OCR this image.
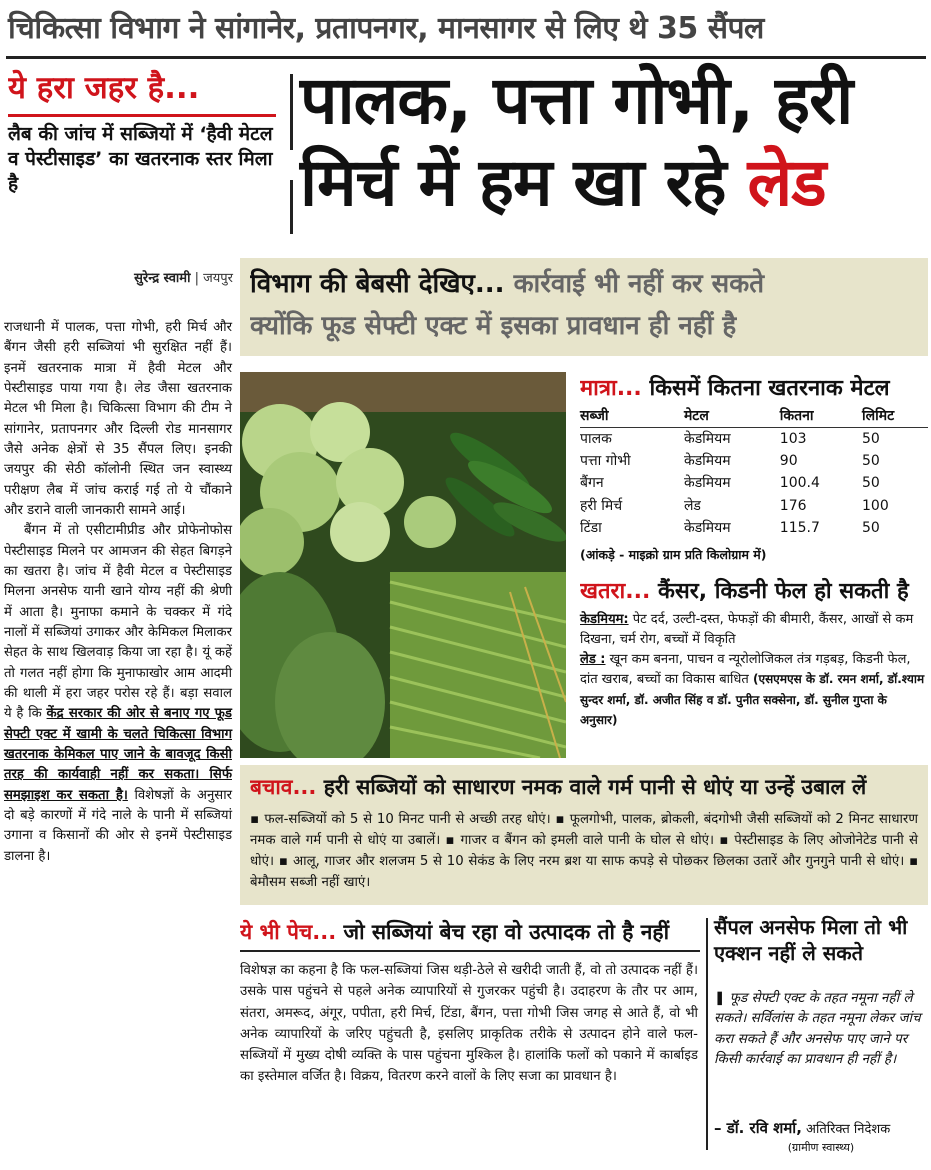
चिकित्सा विभाग ने सांगानेर, प्रतापनगर, मानसागर से लिए थे 35 सैंपल
ये हरा जहर है...
लैब की जांच में सब्जियों में ‘हैवी मेटल व पेस्टीसाइड’ का खतरनाक स्तर मिला है
पालक, पत्ता गोभी, हरी मिर्च में हम खा रहे लेड
सुरेन्द्र स्वामी | जयपुर

राजधानी में पालक, पत्ता गोभी, हरी मिर्च और बैंगन जैसी हरी सब्जियां भी सुरक्षित नहीं हैं। इनमें खतरनाक मात्रा में हैवी मेटल और पेस्टीसाइड पाया गया है। लेड जैसा खतरनाक मेटल भी मिला है। चिकित्सा विभाग की टीम ने सांगानेर, प्रतापनगर और दिल्ली रोड मानसागर जैसे अनेक क्षेत्रों से 35 सैंपल लिए। इनकी जयपुर की सेठी कॉलोनी स्थित जन स्वास्थ्य परीक्षण लैब में जांच कराई गई तो ये चौंकाने और डराने वाली जानकारी सामने आई।

बैंगन में तो एसीटामीप्रीड और प्रोफेनोफोस पेस्टीसाइड मिलने पर आमजन की सेहत बिगड़ने का खतरा है। जांच में हैवी मेटल व पेस्टीसाइड मिलना अनसेफ यानी खाने योग्य नहीं की श्रेणी में आता है। मुनाफा कमाने के चक्कर में गंदे नालों में सब्जियां उगाकर और केमिकल मिलाकर सेहत के साथ खिलवाड़ किया जा रहा है। यूं कहें तो गलत नहीं होगा कि मुनाफाखोर आम आदमी की थाली में हरा जहर परोस रहे हैं। बड़ा सवाल ये है कि केंद्र सरकार की ओर से बनाए गए फूड सेफ्टी एक्ट में खामी के चलते चिकित्सा विभाग खतरनाक केमिकल पाए जाने के बावजूद किसी तरह की कार्यवाही नहीं कर सकता। सिर्फ समझाइश कर सकता है। विशेषज्ञों के अनुसार दो बड़े कारणों में गंदे नाले के पानी में सब्जियां उगाना व किसानों की ओर से इनमें पेस्टीसाइड डालना है।

विभाग की बेबसी देखिए... कार्रवाई भी नहीं कर सकते
क्योंकि फूड सेफ्टी एक्ट में इसका प्रावधान ही नहीं है
मात्रा... किसमें कितना खतरनाक मेटल
सब्जी	मेटल	कितना	लिमिट
पालक	केडमियम	103	50
पत्ता गोभी	केडमियम	90	50
बैंगन	केडमियम	100.4	50
हरी मिर्च	लेड	176	100
टिंडा	केडमियम	115.7	50
(आंकड़े - माइक्रो ग्राम प्रति किलोग्राम में)
खतरा... कैंसर, किडनी फेल हो सकती है
केडमियम: पेट दर्द, उल्टी-दस्त, फेफड़ों की बीमारी, कैंसर, आखों से कम दिखना, चर्म रोग, बच्चों में विकृति
लेड : खून कम बनना, पाचन व न्यूरोलोजिकल तंत्र गड़बड़, किडनी फेल, दांत खराब, बच्चों का विकास बाधित (एसएमएस के डॉ. रमन शर्मा, डॉ.श्याम सुन्दर शर्मा, डॉ. अजीत सिंह व डॉ. पुनीत सक्सेना, डॉ. सुनील गुप्ता के अनुसार)
बचाव... हरी सब्जियों को साधारण नमक वाले गर्म पानी से धोएं या उन्हें उबाल लें
▪ फल-सब्जियों को 5 से 10 मिनट पानी से अच्छी तरह धोएं। ▪ फूलगोभी, पालक, ब्रोकली, बंदगोभी जैसी सब्जियों को 2 मिनट साधारण नमक वाले गर्म पानी से धोएं या उबालें। ▪ गाजर व बैंगन को इमली वाले पानी के घोल से धोएं। ▪ पेस्टीसाइड के लिए ओजोनेटेड पानी से धोएं। ▪ आलू, गाजर और शलजम 5 से 10 सेकंड के लिए नरम ब्रश या साफ कपड़े से पोछकर छिलका उतारें और गुनगुने पानी से धोएं। ▪ बेमौसम सब्जी नहीं खाएं।
ये भी पेच... जो सब्जियां बेच रहा वो उत्पादक तो है नहीं
विशेषज्ञ का कहना है कि फल-सब्जियां जिस थड़ी-ठेले से खरीदी जाती हैं, वो तो उत्पादक नहीं हैं। उसके पास पहुंचने से पहले अनेक व्यापारियों से गुजरकर पहुंची है। उदाहरण के तौर पर आम, संतरा, अमरूद, अंगूर, पपीता, हरी मिर्च, टिंडा, बैंगन, पत्ता गोभी जिस जगह से आते हैं, वो भी अनेक व्यापारियों के जरिए पहुंचती है, इसलिए प्राकृतिक तरीके से उत्पादन होने वाले फल-सब्जियों में मुख्य दोषी व्यक्ति के पास पहुंचना मुश्किल है। हालांकि फलों को पकाने में कार्बाइड का इस्तेमाल वर्जित है। विक्रय, वितरण करने वालों के लिए सजा का प्रावधान है।
सैंपल अनसेफ मिला तो भी एक्शन नहीं ले सकते
❚ फूड सेफ्टी एक्ट के तहत नमूना नहीं ले सकते। सर्विलांस के तहत नमूना लेकर जांच करा सकते हैं और अनसेफ पाए जाने पर किसी कार्रवाई का प्रावधान ही नहीं है।
– डॉ. रवि शर्मा, अतिरिक्त निदेशक
(ग्रामीण स्वास्थ्य)
